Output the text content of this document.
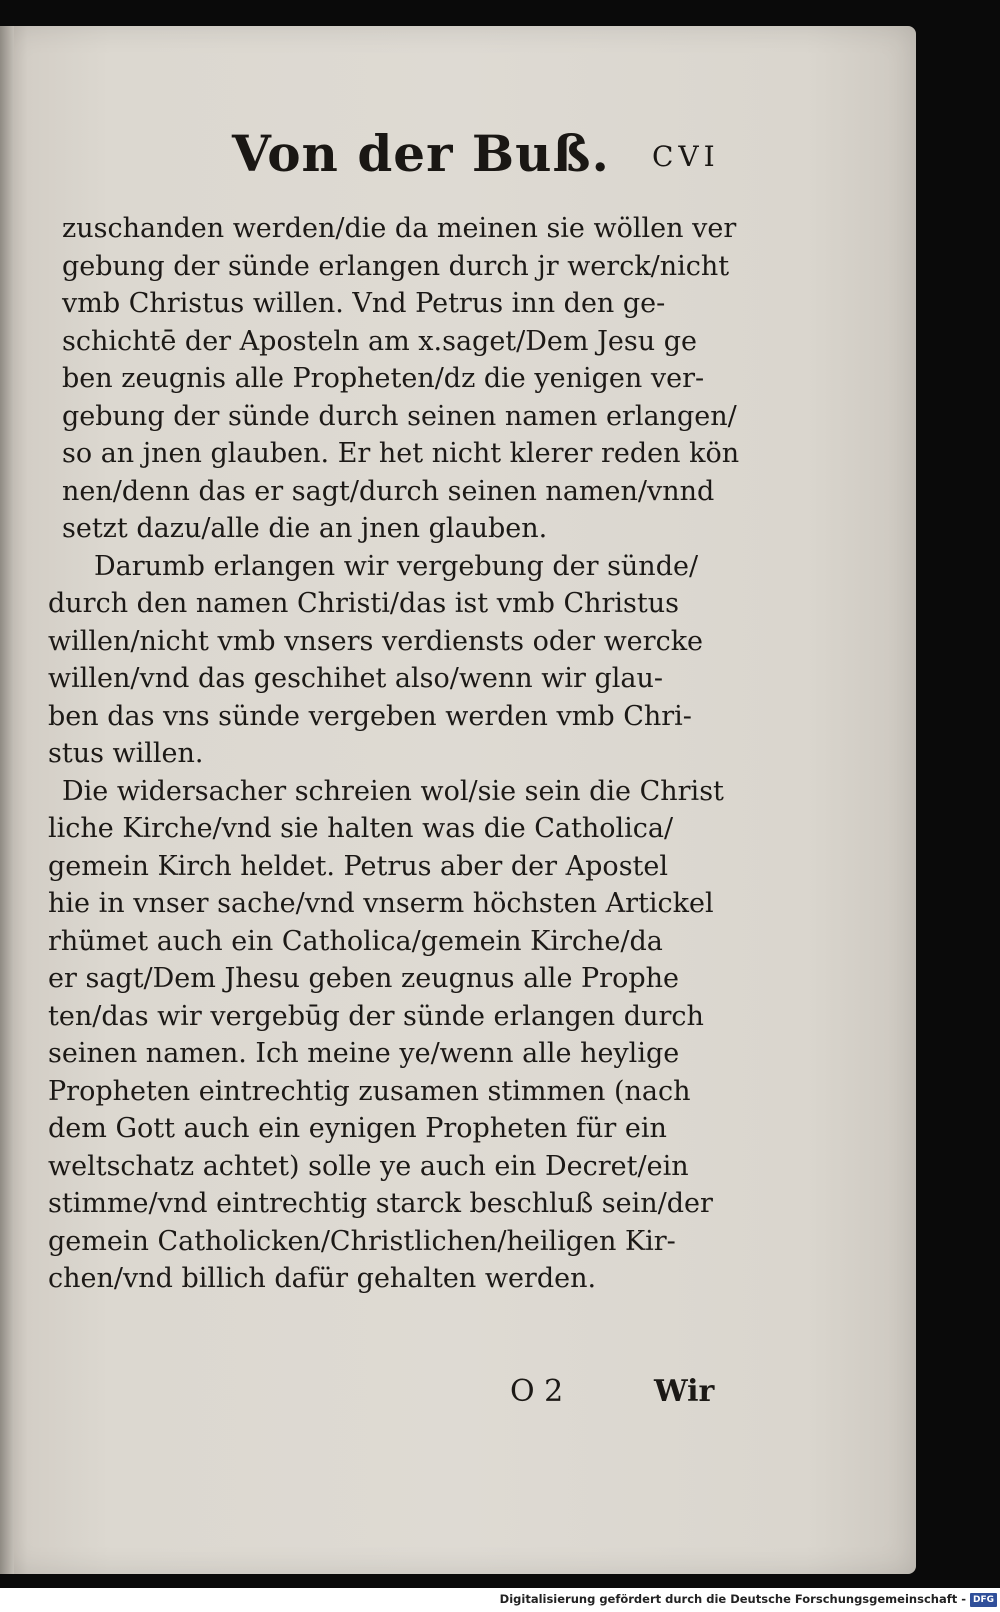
Von der Buß. CVI
zuschanden werden/die da meinen sie wöllen ver
gebung der sünde erlangen durch jr werck/nicht
vmb Christus willen. Vnd Petrus inn den ge-
schichtē der Aposteln am x.saget/Dem Jesu ge
ben zeugnis alle Propheten/dz die yenigen ver-
gebung der sünde durch seinen namen erlangen/
so an jnen glauben. Er het nicht klerer reden kön
nen/denn das er sagt/durch seinen namen/vnnd
setzt dazu/alle die an jnen glauben.
Darumb erlangen wir vergebung der sünde/
durch den namen Christi/das ist vmb Christus
willen/nicht vmb vnsers verdiensts oder wercke
willen/vnd das geschihet also/wenn wir glau-
ben das vns sünde vergeben werden vmb Chri-
stus willen.
Die widersacher schreien wol/sie sein die Christ
liche Kirche/vnd sie halten was die Catholica/
gemein Kirch heldet. Petrus aber der Apostel
hie in vnser sache/vnd vnserm höchsten Artickel
rhümet auch ein Catholica/gemein Kirche/da
er sagt/Dem Jhesu geben zeugnus alle Prophe
ten/das wir vergebūg der sünde erlangen durch
seinen namen. Ich meine ye/wenn alle heylige
Propheten eintrechtig zusamen stimmen (nach
dem Gott auch ein eynigen Propheten für ein
weltschatz achtet) solle ye auch ein Decret/ein
stimme/vnd eintrechtig starck beschluß sein/der
gemein Catholicken/Christlichen/heiligen Kir-
chen/vnd billich dafür gehalten werden.
O 2	Wir
Digitalisierung gefördert durch die Deutsche Forschungsgemeinschaft - DFG
